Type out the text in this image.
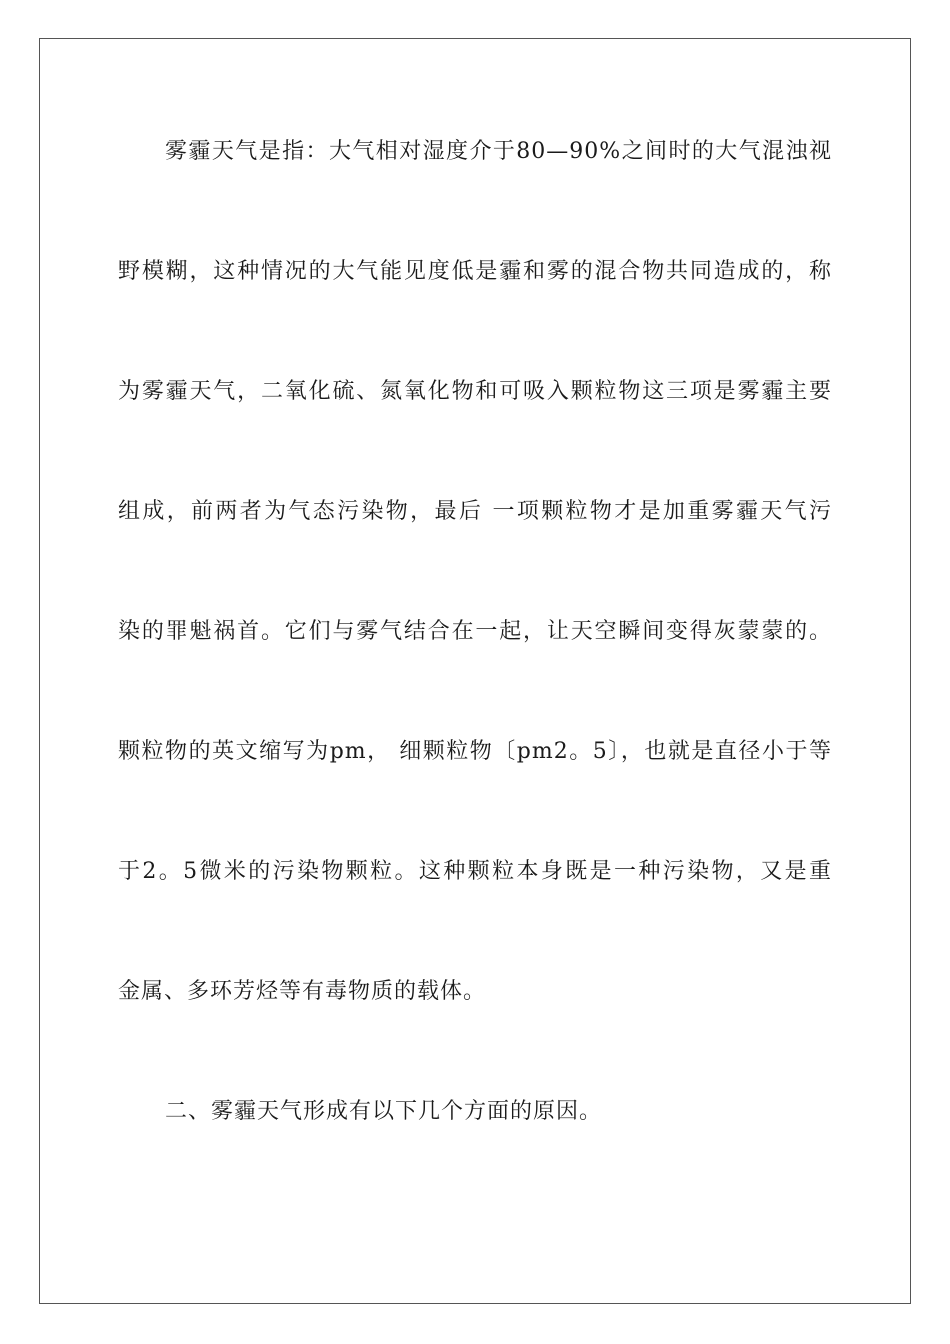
雾霾天气是指：大气相对湿度介于80—90%之间时的大气混浊视
野模糊，这种情况的大气能见度低是霾和雾的混合物共同造成的，称
为雾霾天气，二氧化硫、氮氧化物和可吸入颗粒物这三项是雾霾主要
组成，前两者为气态污染物，最后 一项颗粒物才是加重雾霾天气污
染的罪魁祸首。它们与雾气结合在一起，让天空瞬间变得灰蒙蒙的。
颗粒物的英文缩写为pm， 细颗粒物〔pm2。5〕，也就是直径小于等
于2。5微米的污染物颗粒。这种颗粒本身既是一种污染物，又是重
金属、多环芳烃等有毒物质的载体。
二、雾霾天气形成有以下几个方面的原因。
